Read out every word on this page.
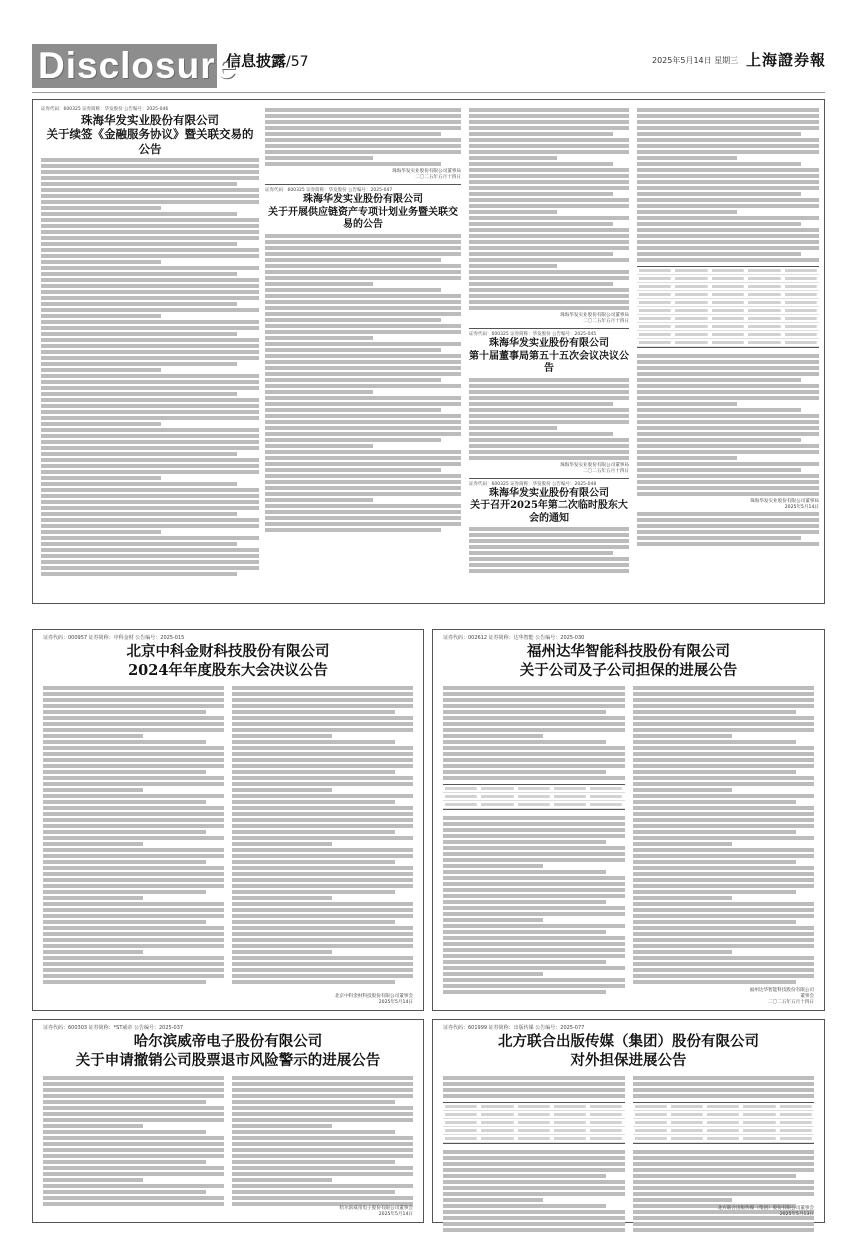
Disclosure
信息披露/57	2025年5月14日 星期三 上海證券報
证券代码：600325 证券简称：华发股份 公告编号：2025-046
珠海华发实业股份有限公司
关于续签《金融服务协议》暨关联交易的公告
珠海华发实业股份有限公司董事局
二〇二五年五月十四日
证券代码：600325 证券简称：华发股份 公告编号：2025-047
珠海华发实业股份有限公司
关于开展供应链资产专项计划业务暨关联交易的公告
珠海华发实业股份有限公司董事局
二〇二五年五月十四日
证券代码：600325 证券简称：华发股份 公告编号：2025-045
珠海华发实业股份有限公司
第十届董事局第五十五次会议决议公告
珠海华发实业股份有限公司董事局
二〇二五年五月十四日
证券代码：600325 证券简称：华发股份 公告编号：2025-048
珠海华发实业股份有限公司
关于召开2025年第二次临时股东大会的通知
珠海华发实业股份有限公司董事局
2025年5月14日
证券代码：000957 证券简称：中科金财 公告编号：2025-015
北京中科金财科技股份有限公司
2024年年度股东大会决议公告
北京中科金财科技股份有限公司董事会
2025年5月14日
证券代码：002612 证券简称：达华智能 公告编号：2025-030
福州达华智能科技股份有限公司
关于公司及子公司担保的进展公告
福州达华智能科技股份有限公司
董事会
二〇二五年五月十四日
证券代码：600303 证券简称：*ST威帝 公告编号：2025-037
哈尔滨威帝电子股份有限公司
关于申请撤销公司股票退市风险警示的进展公告
哈尔滨威帝电子股份有限公司董事会
2025年5月14日
证券代码：601999 证券简称：出版传媒 公告编号：2025-077
北方联合出版传媒（集团）股份有限公司
对外担保进展公告
北方联合出版传媒（集团）股份有限公司董事会
2025年5月13日
